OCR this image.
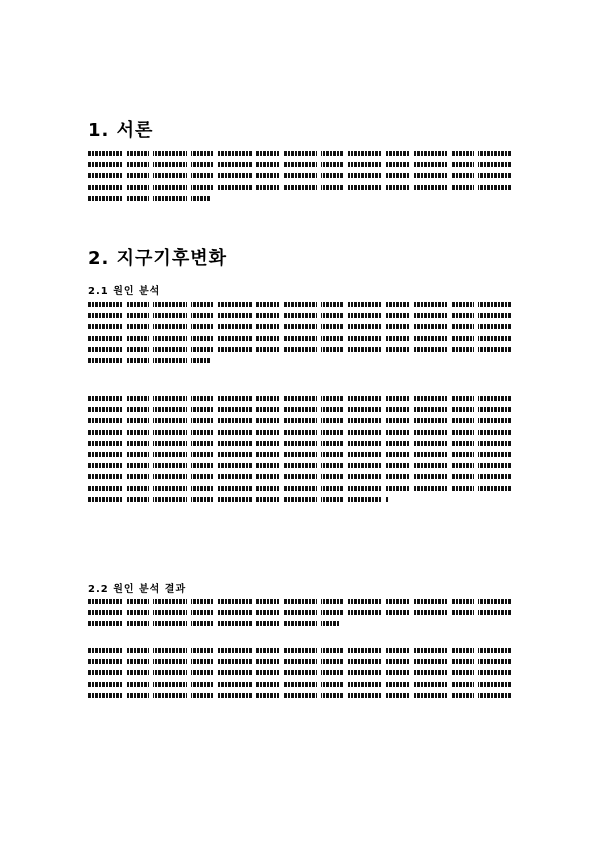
1. 서론
2. 지구기후변화
2.1 원인 분석
2.2 원인 분석 결과
